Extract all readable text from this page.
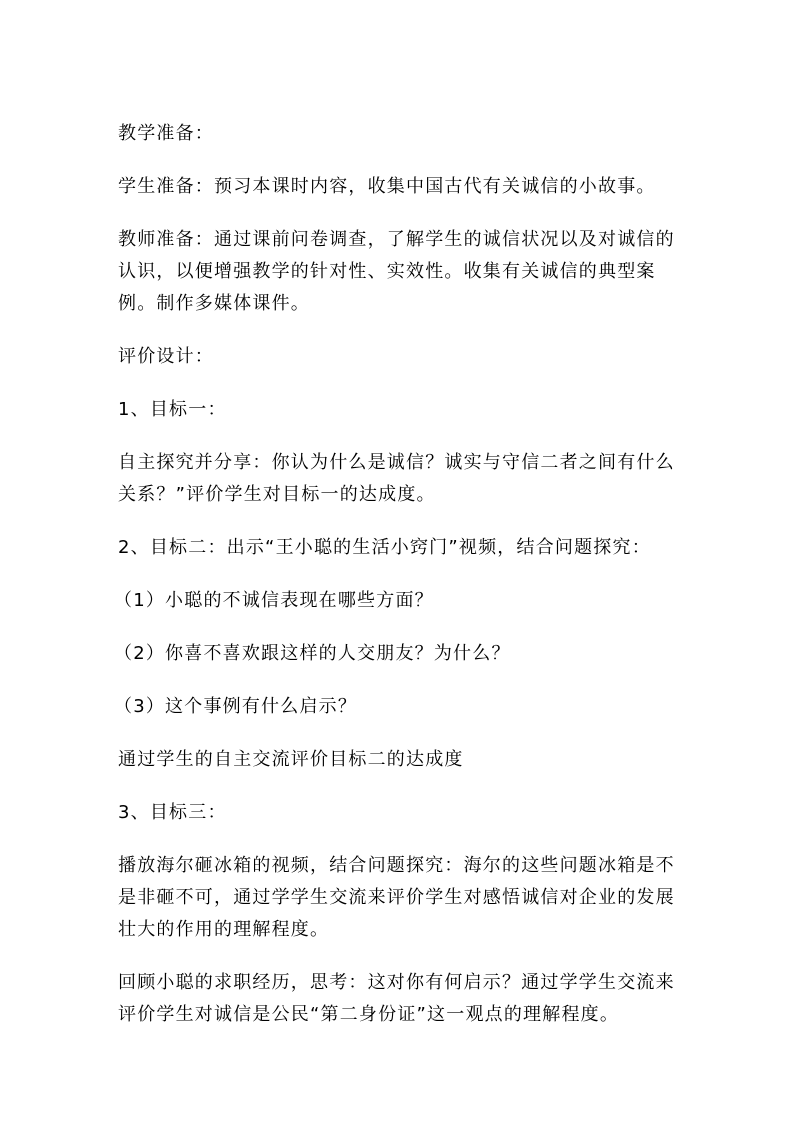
教学准备：

学生准备：预习本课时内容，收集中国古代有关诚信的小故事。

教师准备：通过课前问卷调查，了解学生的诚信状况以及对诚信的认识，以便增强教学的针对性、实效性。收集有关诚信的典型案例。制作多媒体课件。

评价设计：

1、目标一：

自主探究并分享：你认为什么是诚信？诚实与守信二者之间有什么关系？”评价学生对目标一的达成度。

2、目标二：出示“王小聪的生活小窍门”视频，结合问题探究：

（1）小聪的不诚信表现在哪些方面？

（2）你喜不喜欢跟这样的人交朋友？为什么？

（3）这个事例有什么启示？

通过学生的自主交流评价目标二的达成度

3、目标三：

播放海尔砸冰箱的视频，结合问题探究：海尔的这些问题冰箱是不是非砸不可，通过学学生交流来评价学生对感悟诚信对企业的发展壮大的作用的理解程度。

回顾小聪的求职经历，思考：这对你有何启示？通过学学生交流来评价学生对诚信是公民“第二身份证”这一观点的理解程度。
